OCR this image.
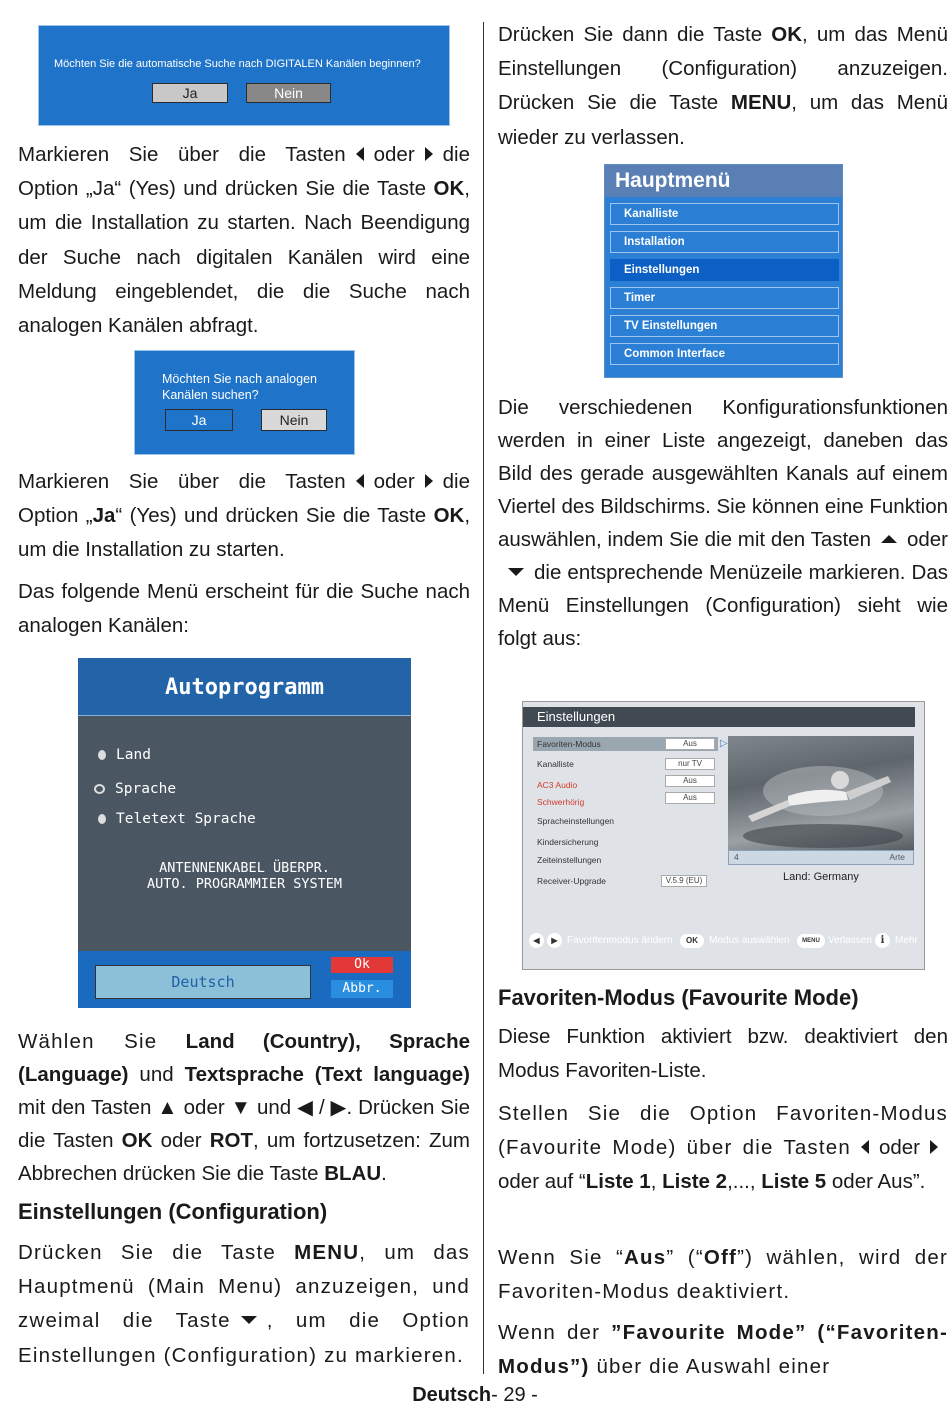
Möchten Sie die automatische Suche nach DIGITALEN Kanälen beginnen?
Ja	Nein

Markieren Sie über die Tasten oder die Option „Ja“ (Yes) und drücken Sie die Taste OK, um die Installation zu starten. Nach Beendigung der Suche nach digitalen Kanälen wird eine Meldung eingeblendet, die die Suche nach analogen Kanälen abfragt.

Markieren Sie über die Tasten oder die Option „Ja“ (Yes) und drücken Sie die Taste OK, um die Installation zu starten.

Das folgende Menü erscheint für die Suche nach analogen Kanälen:

Wählen Sie Land (Country), Sprache (Language) und Textsprache (Text language) mit den Tasten ▲ oder ▼ und ◀ / ▶. Drücken Sie die Tasten OK oder ROT, um fortzusetzen: Zum Abbrechen drücken Sie die Taste BLAU.

Einstellungen (Configuration)

Drücken Sie die Taste MENU, um das Hauptmenü (Main Menu) anzuzeigen, und zweimal die Taste , um die Option Einstellungen (Configuration) zu markieren.

Möchten Sie nach analogen Kanälen suchen?
Ja	Nein
Autoprogramm
Land
Sprache
Teletext Sprache
ANTENNENKABEL ÜBERPR.
AUTO. PROGRAMMIER SYSTEM
Deutsch
Ok
Abbr.

Drücken Sie dann die Taste OK, um das Menü Einstellungen (Configuration) anzuzeigen. Drücken Sie die Taste MENU, um das Menü wieder zu verlassen.

Die verschiedenen Konfigurationsfunktionen werden in einer Liste angezeigt, daneben das Bild des gerade ausgewählten Kanals auf einem Viertel des Bildschirms. Sie können eine Funktion auswählen, indem Sie die mit den Tasten oderdie entsprechende Menüzeile markieren. Das Menü Einstellungen (Configuration) sieht wie folgt aus:

Favoriten-Modus (Favourite Mode)

Diese Funktion aktiviert bzw. deaktiviert den Modus Favoriten-Liste.

Stellen Sie die Option Favoriten-Modus (Favourite Mode) über die Tasten oderoder auf “Liste 1, Liste 2,..., Liste 5 oder Aus”.

Wenn Sie “Aus” (“Off”) wählen, wird der Favoriten-Modus deaktiviert.

Wenn der ”Favourite Mode” (“Favoriten-Modus”) über die Auswahl einer

Hauptmenü
Kanalliste
Installation
Einstellungen
Timer
TV Einstellungen
Common Interface
Einstellungen
Favoriten-Modus	Aus	▷
Kanalliste	nur TV
AC3 Audio	Aus
Schwerhörig	Aus
Spracheinstellungen
Kindersicherung
Zeiteinstellungen
Receiver-Upgrade	V.5.9 (EU)
4	Arte
Land: Germany
◀	▶ Favoritenmodus ändern	OK	Modus auswählen	MENU Verlassen i	Mehr
Deutsch- 29 -
